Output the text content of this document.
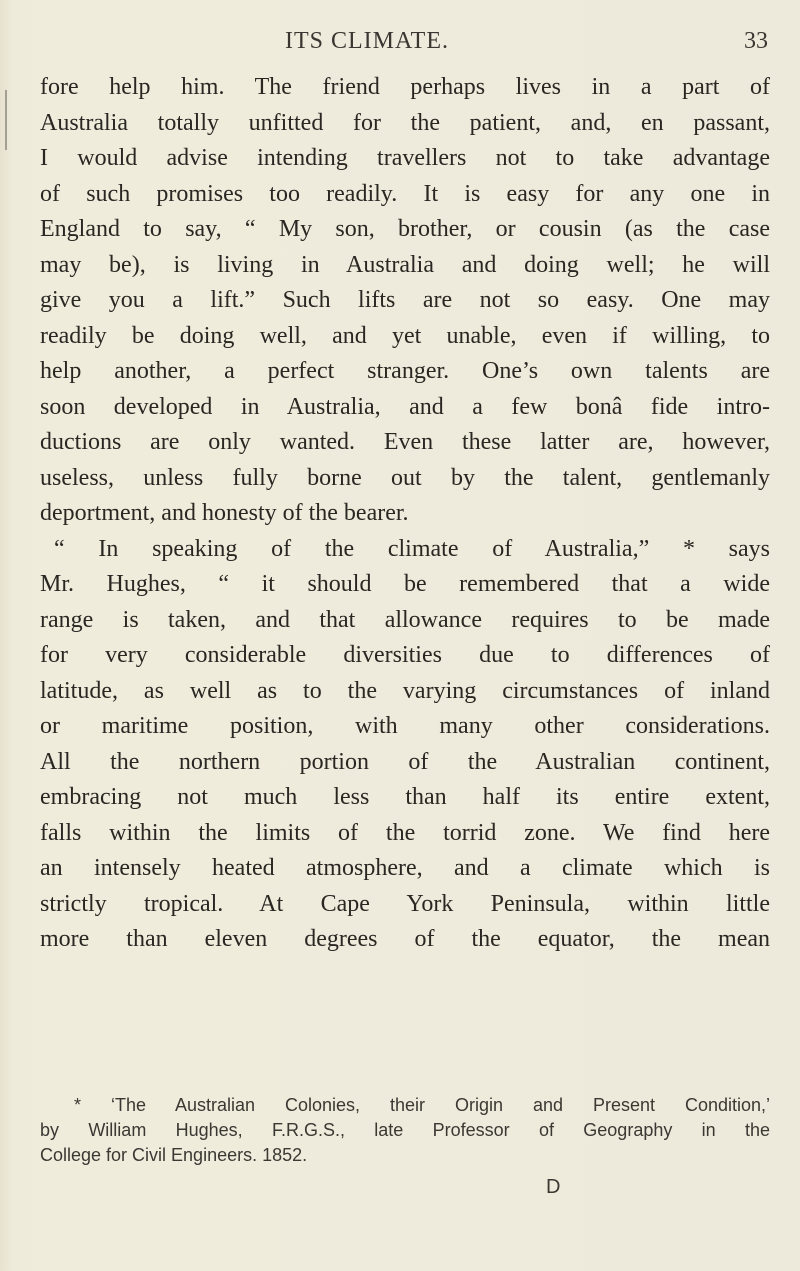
ITS CLIMATE.	33
fore help him. The friend perhaps lives in a part of
Australia totally unfitted for the patient, and, en passant,
I would advise intending travellers not to take advantage
of such promises too readily. It is easy for any one in
England to say, “ My son, brother, or cousin (as the case
may be), is living in Australia and doing well; he will
give you a lift.” Such lifts are not so easy. One may
readily be doing well, and yet unable, even if willing, to
help another, a perfect stranger. One’s own talents are
soon developed in Australia, and a few bonâ fide intro-
ductions are only wanted. Even these latter are, however,
useless, unless fully borne out by the talent, gentlemanly
deportment, and honesty of the bearer.
“ In speaking of the climate of Australia,” * says
Mr. Hughes, “ it should be remembered that a wide
range is taken, and that allowance requires to be made
for very considerable diversities due to differences of
latitude, as well as to the varying circumstances of inland
or maritime position, with many other considerations.
All the northern portion of the Australian continent,
embracing not much less than half its entire extent,
falls within the limits of the torrid zone. We find here
an intensely heated atmosphere, and a climate which is
strictly tropical. At Cape York Peninsula, within little
more than eleven degrees of the equator, the mean
* ‘The Australian Colonies, their Origin and Present Condition,’
by William Hughes, F.R.G.S., late Professor of Geography in the
College for Civil Engineers. 1852.
D
